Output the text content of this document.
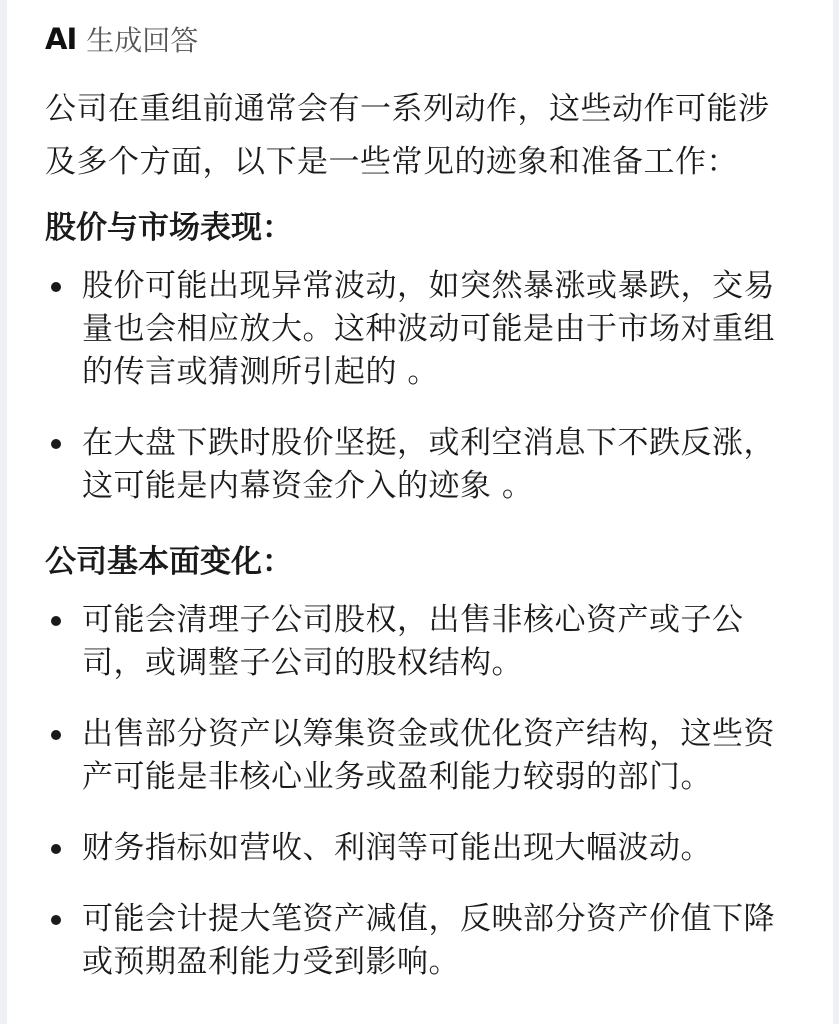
AI 生成回答

公司在重组前通常会有一系列动作，这些动作可能涉及多个方面，以下是一些常见的迹象和准备工作：

股价与市场表现：
股价可能出现异常波动，如突然暴涨或暴跌，交易量也会相应放大。这种波动可能是由于市场对重组的传言或猜测所引起的 。
在大盘下跌时股价坚挺，或利空消息下不跌反涨，这可能是内幕资金介入的迹象 。
公司基本面变化：
可能会清理子公司股权，出售非核心资产或子公司，或调整子公司的股权结构。
出售部分资产以筹集资金或优化资产结构，这些资产可能是非核心业务或盈利能力较弱的部门。
财务指标如营收、利润等可能出现大幅波动。
可能会计提大笔资产减值，反映部分资产价值下降或预期盈利能力受到影响。
